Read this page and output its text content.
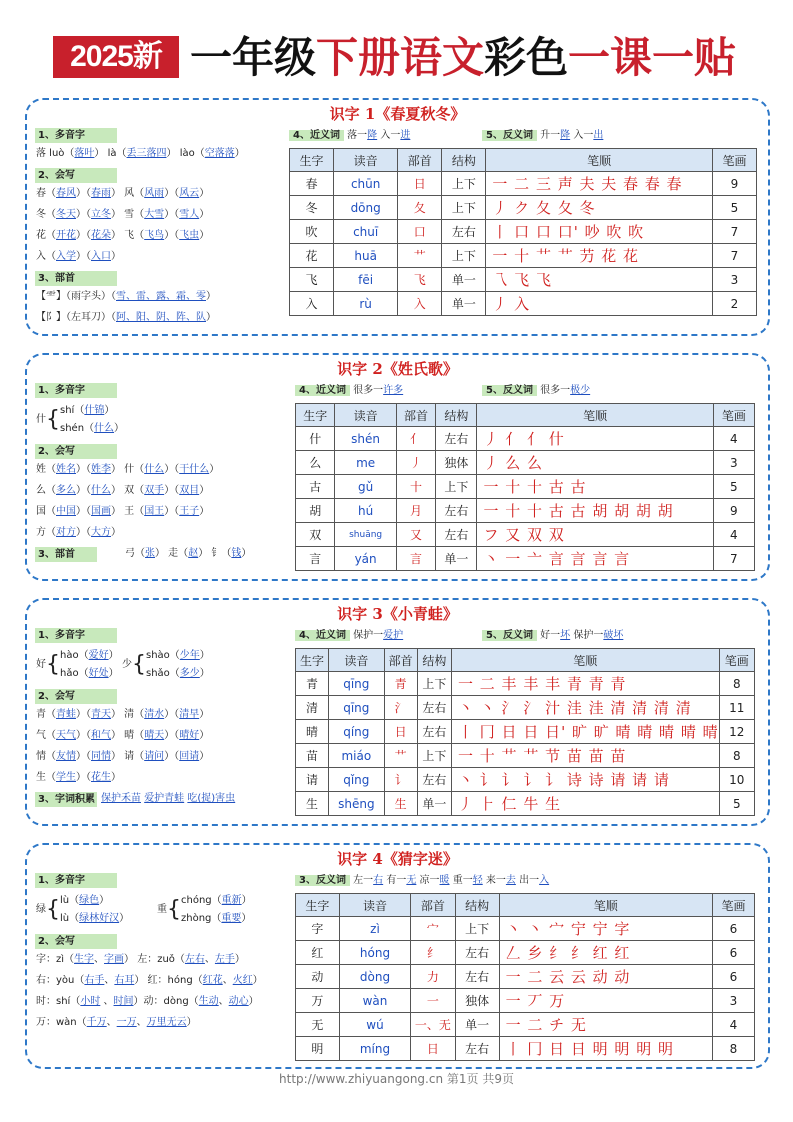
2025新 一年级下册语文彩色一课一贴
识字 1《春夏秋冬》
1、多音字
落 luò（落叶） là（丢三落四） lào（空落落）
2、会写
春（春风）（春雨） 风（风雨）（风云）
冬（冬天）（立冬） 雪（大雪）（雪人）
花（开花）（花朵） 飞（飞鸟）（飞虫）
入（入学）（入口）
3、部首
【⻗】（雨字头）（雪、雷、露、霜、零）
【阝】（左耳刀）（阿、阳、阴、阵、队）
4、近义词 落一降 入一进	5、反义词 升一降 入一出
生字	读音	部首	结构	笔顺	笔画
春	chūn	日	上下	一 二 三 声 夫 夫 春 春 春	9
冬	dōng	夂	上下	丿 ク 夂 夂 冬	5
吹	chuī	口	左右	丨 口 口 口' 吵 吹 吹	7
花	huā	艹	上下	一 十 艹 艹 芀 花 花	7
飞	fēi	飞	单一	乁 飞 飞	3
入	rù	入	单一	丿 入	2
识字 2《姓氏歌》
1、多音字
什{ shí（什锦）
shén（什么）
2、会写
姓（姓名）（姓李） 什（什么）（干什么）
么（多么）（什么） 双（双手）（双目）
国（中国）（国画） 王（国王）（王子）
方（对方）（大方）
3、部首	弓（张） 走（赵） 钅（钱）
4、近义词 很多一许多	5、反义词 很多一极少
生字	读音	部首	结构	笔顺	笔画
什	shén	亻	左右	丿 亻 亻 什	4
么	me	丿	独体	丿 么 么	3
古	gǔ	十	上下	一 十 十 古 古	5
胡	hú	月	左右	一 十 十 古 古 胡 胡 胡 胡	9
双	shuāng	又	左右	フ 又 双 双	4
言	yán	言	单一	丶 一 亠 言 言 言 言	7
识字 3《小青蛙》
1、多音字
好{ hào（爱好）
hǎo（好处）
少{ shào（少年）
shǎo（多少）
2、会写
青（青蛙）（青天） 清（清水）（清早）
气（天气）（和气） 晴（晴天）（晴好）
情（友情）（同情） 请（请问）（回请）
生（学生）（花生）
3、字词积累 保护禾苗 爱护青蛙 吃(捉)害虫
4、近义词 保护一爱护	5、反义词 好一坏 保护一破坏
生字	读音	部首	结构	笔顺	笔画
青	qīng	青	上下	一 二 丰 丰 丰 青 青 青	8
清	qīng	氵	左右	丶 丶 氵 氵 汁 洼 洼 清 清 清 清	11
晴	qíng	日	左右	丨 冂 日 日 日' 旷 旷 晴 晴 晴 晴 晴	12
苗	miáo	艹	上下	一 十 艹 艹 节 苗 苗 苗	8
请	qǐng	讠	左右	丶 讠 讠 讠 讠 诗 诗 请 请 请	10
生	shēng	生	单一	丿 ⺊ 仁 牛 生	5
识字 4《猜字迷》
1、多音字
绿{ lù（绿色）
lù（绿林好汉）
重{ chóng（重新）
zhòng（重要）
2、会写
字：zì（生字、字画） 左：zuǒ（左右、左手）
右：yòu（右手、右耳） 红：hóng（红花、火红）
时：shí（小时 、时间）动：dòng（生动、动心）
万：wàn（千万、一万、万里无云）
3、反义词 左一右 有一无 凉一暖 重一轻 来一去 出一入
生字	读音	部首	结构	笔顺	笔画
字	zì	宀	上下	丶 丶 宀 宁 宁 字	6
红	hóng	纟	左右	𠃋 乡 纟 纟 红 红	6
动	dòng	力	左右	一 二 云 云 动 动	6
万	wàn	一	独体	一 丆 万	3
无	wú	一、无	单一	一 二 チ 无	4
明	míng	日	左右	丨 冂 日 日 明 明 明 明	8
http://www.zhiyuangong.cn 第1页 共9页
